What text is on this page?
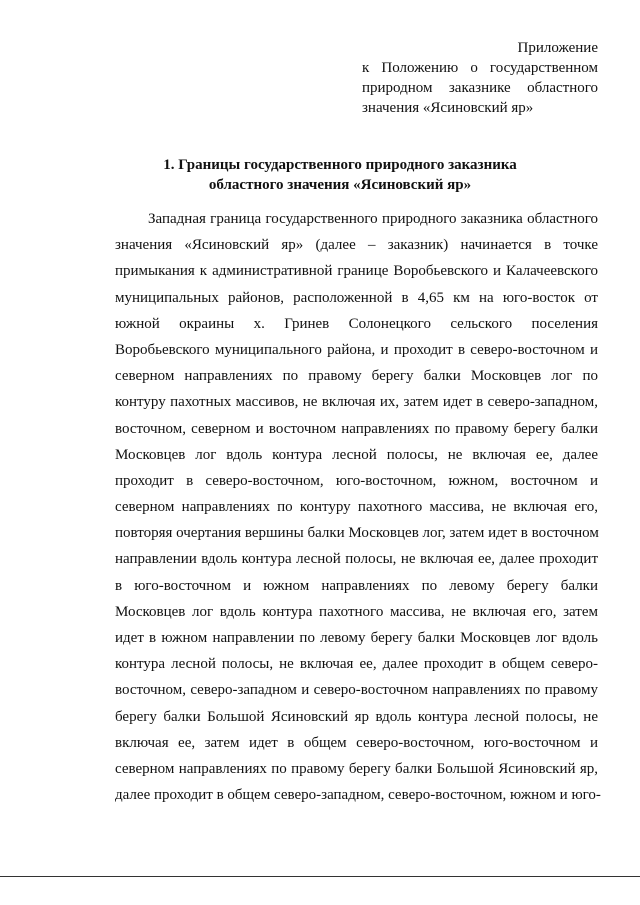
Приложение
к Положению о государственном
природном заказнике областного
значения «Ясиновский яр»
1. Границы государственного природного заказника
областного значения «Ясиновский яр»
Западная граница государственного природного заказника областного
значения «Ясиновский яр» (далее – заказник) начинается в точке
примыкания к административной границе Воробьевского и Калачеевского
муниципальных районов, расположенной в 4,65 км на юго-восток от
южной окраины х. Гринев Солонецкого сельского поселения
Воробьевского муниципального района, и проходит в северо-восточном и
северном направлениях по правому берегу балки Московцев лог по
контуру пахотных массивов, не включая их, затем идет в северо-западном,
восточном, северном и восточном направлениях по правому берегу балки
Московцев лог вдоль контура лесной полосы, не включая ее, далее
проходит в северо-восточном, юго-восточном, южном, восточном и
северном направлениях по контуру пахотного массива, не включая его,
повторяя очертания вершины балки Московцев лог, затем идет в восточном
направлении вдоль контура лесной полосы, не включая ее, далее проходит
в юго-восточном и южном направлениях по левому берегу балки
Московцев лог вдоль контура пахотного массива, не включая его, затем
идет в южном направлении по левому берегу балки Московцев лог вдоль
контура лесной полосы, не включая ее, далее проходит в общем северо-
восточном, северо-западном и северо-восточном направлениях по правому
берегу балки Большой Ясиновский яр вдоль контура лесной полосы, не
включая ее, затем идет в общем северо-восточном, юго-восточном и
северном направлениях по правому берегу балки Большой Ясиновский яр,
далее проходит в общем северо-западном, северо-восточном, южном и юго-
